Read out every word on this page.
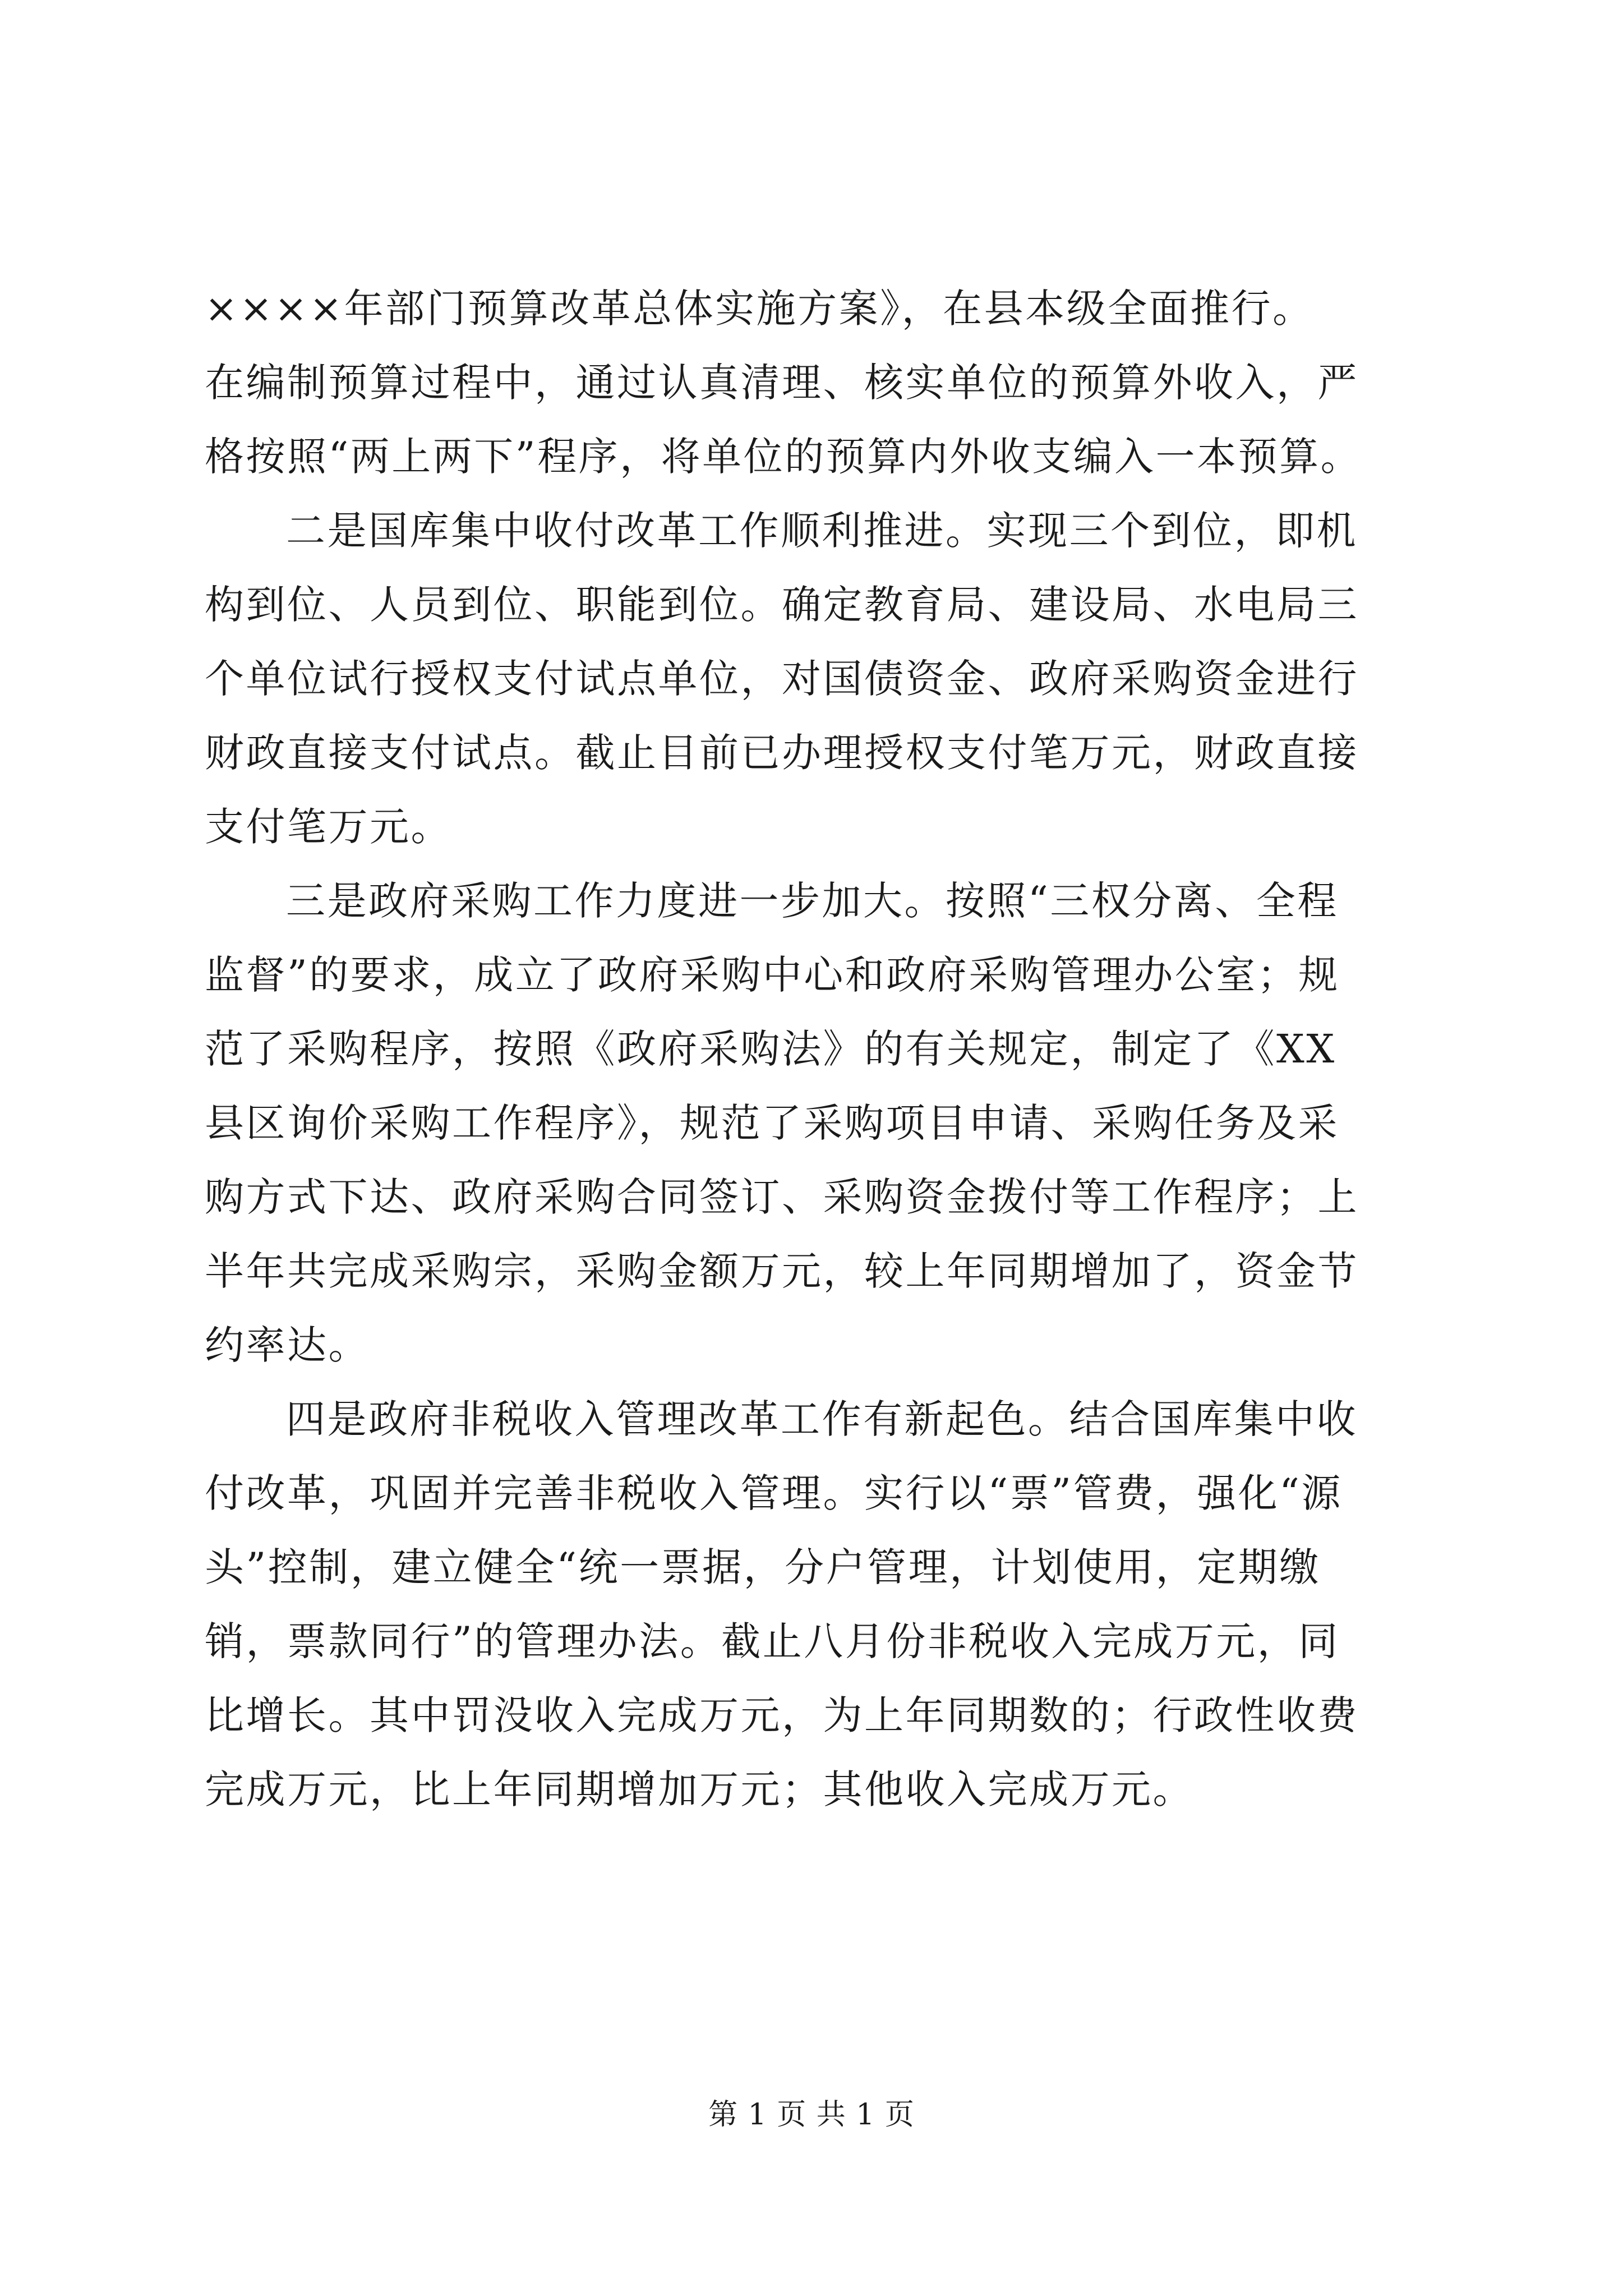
××××年部门预算改革总体实施方案》，在县本级全面推行。
在编制预算过程中，通过认真清理、核实单位的预算外收入，严
格按照“两上两下”程序，将单位的预算内外收支编入一本预算。
二是国库集中收付改革工作顺利推进。实现三个到位，即机
构到位、人员到位、职能到位。确定教育局、建设局、水电局三
个单位试行授权支付试点单位，对国债资金、政府采购资金进行
财政直接支付试点。截止目前已办理授权支付笔万元，财政直接
支付笔万元。
三是政府采购工作力度进一步加大。按照“三权分离、全程
监督”的要求，成立了政府采购中心和政府采购管理办公室；规
范了采购程序，按照《政府采购法》的有关规定，制定了《XX
县区询价采购工作程序》，规范了采购项目申请、采购任务及采
购方式下达、政府采购合同签订、采购资金拨付等工作程序；上
半年共完成采购宗，采购金额万元，较上年同期增加了，资金节
约率达。
四是政府非税收入管理改革工作有新起色。结合国库集中收
付改革，巩固并完善非税收入管理。实行以“票”管费，强化“源
头”控制，建立健全“统一票据，分户管理，计划使用，定期缴
销，票款同行”的管理办法。截止八月份非税收入完成万元，同
比增长。其中罚没收入完成万元，为上年同期数的；行政性收费
完成万元，比上年同期增加万元；其他收入完成万元。
第 1 页 共 1 页
